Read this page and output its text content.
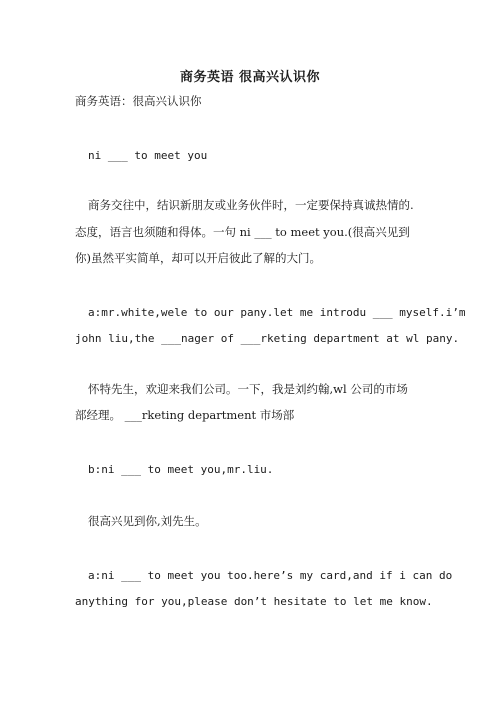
商务英语 很高兴认识你

商务英语：很高兴认识你

ni ___ to meet you

商务交往中，结识新朋友或业务伙伴时，一定要保持真诚热情的.

态度，语言也须随和得体。一句 ni ___ to meet you.(很高兴见到

你)虽然平实简单，却可以开启彼此了解的大门。

a:mr.white,wele to our pany.let me introdu ___ myself.i’m

john liu,the ___nager of ___rketing department at wl pany.

怀特先生，欢迎来我们公司。一下，我是刘约翰,wl 公司的市场

部经理。 ___rketing department 市场部

b:ni ___ to meet you,mr.liu.

很高兴见到你,刘先生。

a:ni ___ to meet you too.here’s my card,and if i can do

anything for you,please don’t hesitate to let me know.
